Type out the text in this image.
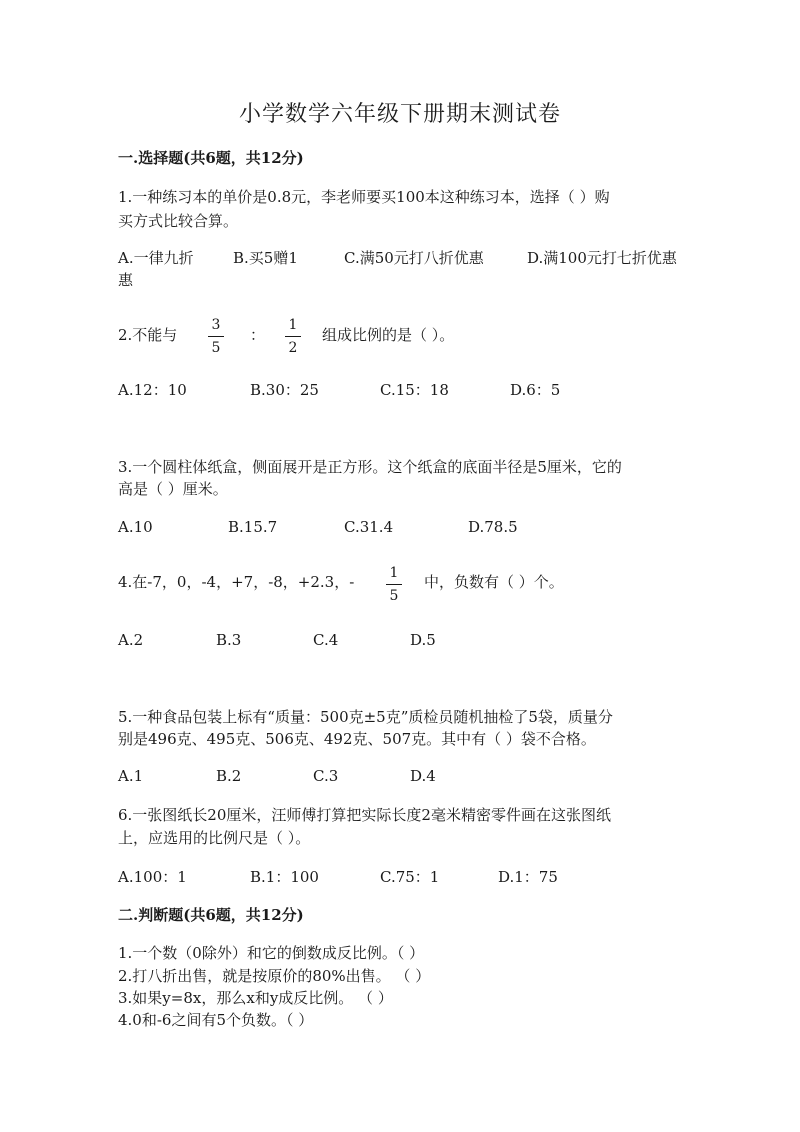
小学数学六年级下册期末测试卷
一.选择题(共6题，共12分)
1.一种练习本的单价是0.8元，李老师要买100本这种练习本，选择（ ）购
买方式比较合算。
A.一律九折	B.买5赠1	C.满50元打八折优惠	D.满100元打七折优惠
惠
2.不能与
3
5
：
1
2
组成比例的是（ ）。
A.12：10	B.30：25	C.15：18	D.6：5
3.一个圆柱体纸盒，侧面展开是正方形。这个纸盒的底面半径是5厘米，它的
高是（ ）厘米。
A.10	B.15.7	C.31.4	D.78.5
4.在-7，0，-4，+7，-8，+2.3，-	1
5
中，负数有（ ）个。
A.2	B.3	C.4	D.5
5.一种食品包装上标有“质量：500克±5克”质检员随机抽检了5袋，质量分
别是496克、495克、506克、492克、507克。其中有（ ）袋不合格。
A.1	B.2	C.3	D.4
6.一张图纸长20厘米，汪师傅打算把实际长度2毫米精密零件画在这张图纸
上，应选用的比例尺是（ ）。
A.100：1	B.1：100	C.75：1	D.1：75
二.判断题(共6题，共12分)
1.一个数（0除外）和它的倒数成反比例。（ ）
2.打八折出售，就是按原价的80%出售。 （ ）
3.如果y=8x，那么x和y成反比例。 （ ）
4.0和-6之间有5个负数。（ ）
